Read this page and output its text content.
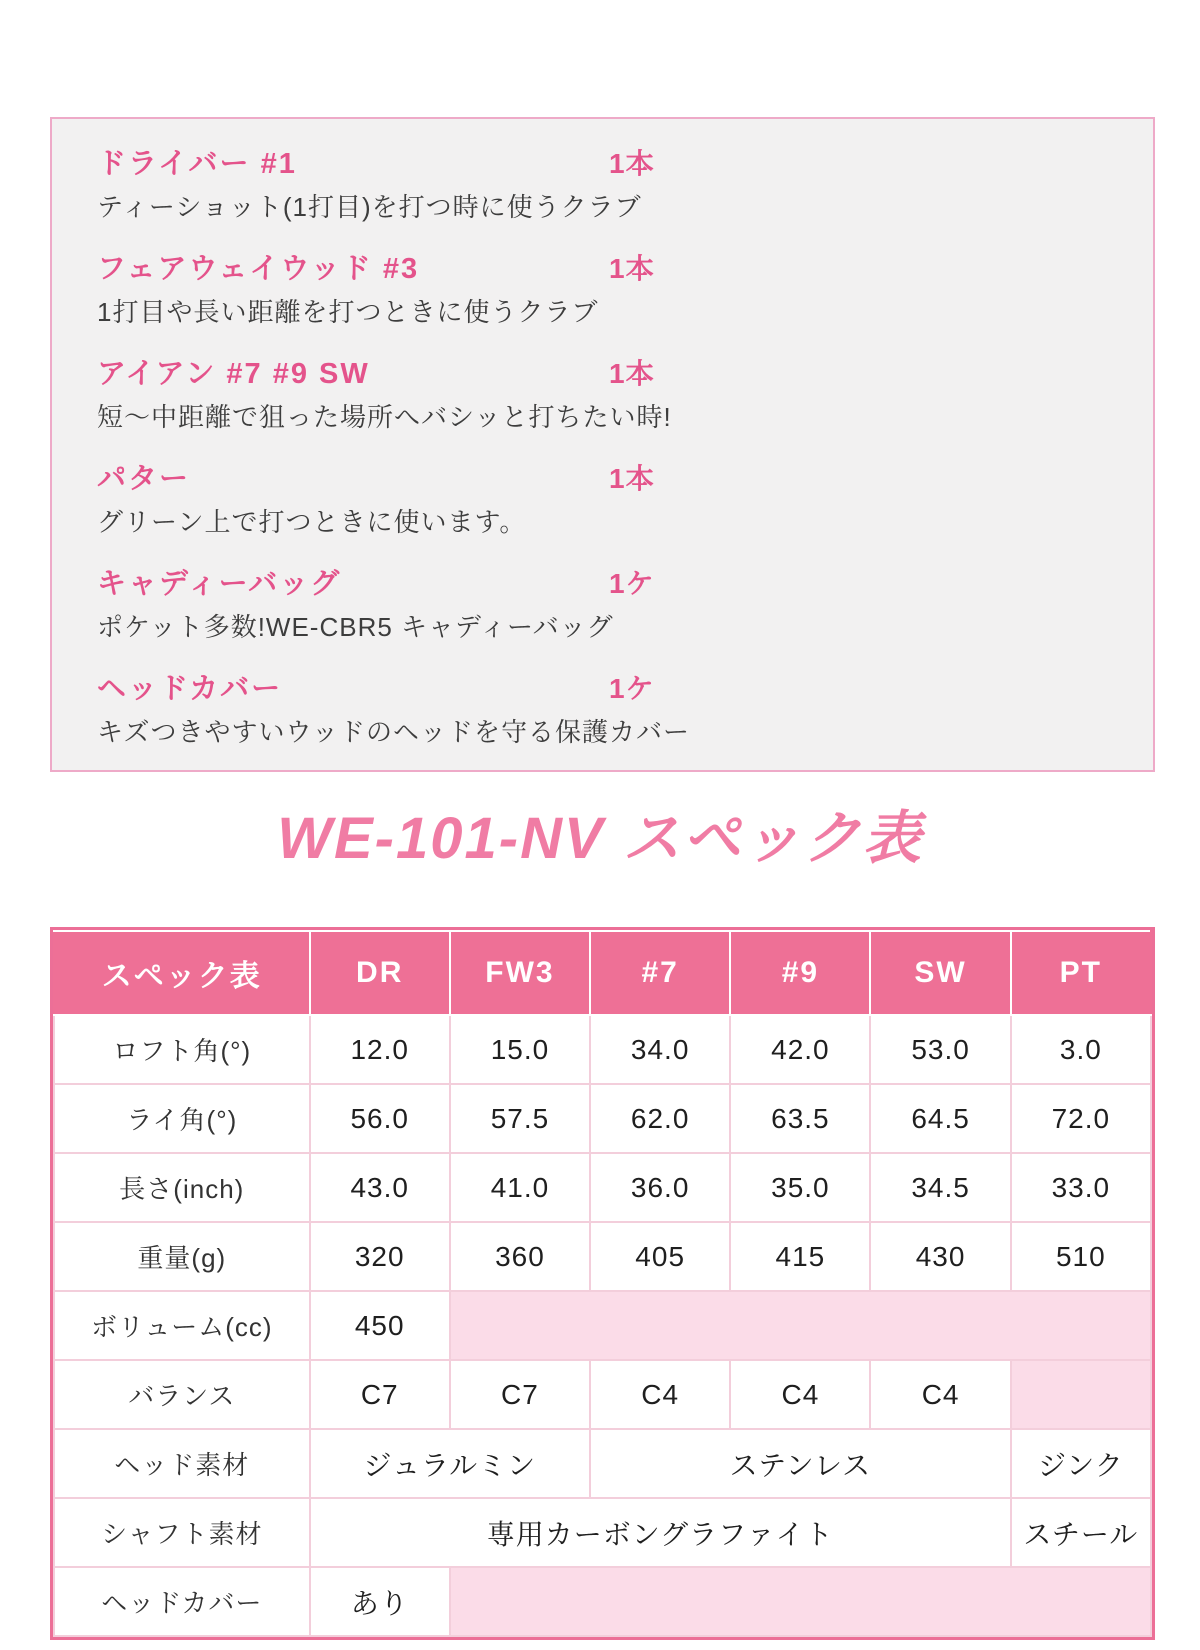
ドライバー #1	1本
ティーショット(1打目)を打つ時に使うクラブ
フェアウェイウッド #3	1本
1打目や長い距離を打つときに使うクラブ
アイアン #7 #9 SW	1本
短〜中距離で狙った場所へバシッと打ちたい時!
パター	1本
グリーン上で打つときに使います。
キャディーバッグ	1ケ
ポケット多数!WE-CBR5 キャディーバッグ
ヘッドカバー	1ケ
キズつきやすいウッドのヘッドを守る保護カバー
WE-101-NV スペック表
スペック表	DR	FW3	#7	#9	SW	PT
ロフト角(°)	12.0	15.0	34.0	42.0	53.0	3.0
ライ角(°)	56.0	57.5	62.0	63.5	64.5	72.0
長さ(inch)	43.0	41.0	36.0	35.0	34.5	33.0
重量(g)	320	360	405	415	430	510
ボリューム(cc)	450					
バランス	C7	C7	C4	C4	C4	
ヘッド素材	ジュラルミン		ステンレス			ジンク
シャフト素材	専用カーボングラファイト					スチール
ヘッドカバー	あり					
